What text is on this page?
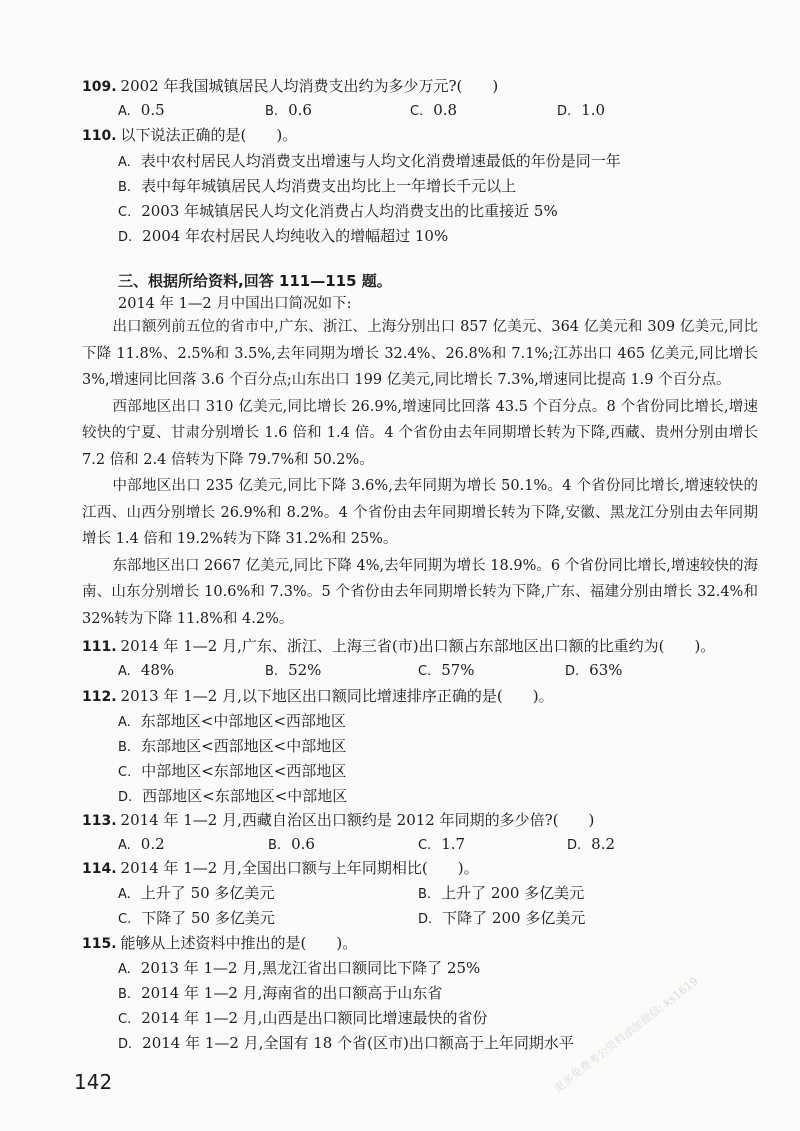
109. 2002 年我国城镇居民人均消费支出约为多少万元?(　　)
A. 0.5	B. 0.6	C. 0.8	D. 1.0
110. 以下说法正确的是(　　)。
A. 表中农村居民人均消费支出增速与人均文化消费增速最低的年份是同一年
B. 表中每年城镇居民人均消费支出均比上一年增长千元以上
C. 2003 年城镇居民人均文化消费占人均消费支出的比重接近 5%
D. 2004 年农村居民人均纯收入的增幅超过 10%
三、根据所给资料,回答 111—115 题。
2014 年 1—2 月中国出口简况如下:

出口额列前五位的省市中,广东、浙江、上海分别出口 857 亿美元、364 亿美元和 309 亿美元,同比下降 11.8%、2.5%和 3.5%,去年同期为增长 32.4%、26.8%和 7.1%;江苏出口 465 亿美元,同比增长 3%,增速同比回落 3.6 个百分点;山东出口 199 亿美元,同比增长 7.3%,增速同比提高 1.9 个百分点。

西部地区出口 310 亿美元,同比增长 26.9%,增速同比回落 43.5 个百分点。8 个省份同比增长,增速较快的宁夏、甘肃分别增长 1.6 倍和 1.4 倍。4 个省份由去年同期增长转为下降,西藏、贵州分别由增长 7.2 倍和 2.4 倍转为下降 79.7%和 50.2%。

中部地区出口 235 亿美元,同比下降 3.6%,去年同期为增长 50.1%。4 个省份同比增长,增速较快的江西、山西分别增长 26.9%和 8.2%。4 个省份由去年同期增长转为下降,安徽、黑龙江分别由去年同期增长 1.4 倍和 19.2%转为下降 31.2%和 25%。

东部地区出口 2667 亿美元,同比下降 4%,去年同期为增长 18.9%。6 个省份同比增长,增速较快的海南、山东分别增长 10.6%和 7.3%。5 个省份由去年同期增长转为下降,广东、福建分别由增长 32.4%和 32%转为下降 11.8%和 4.2%。

111. 2014 年 1—2 月,广东、浙江、上海三省(市)出口额占东部地区出口额的比重约为(　　)。
A. 48%	B. 52%	C. 57%	D. 63%
112. 2013 年 1—2 月,以下地区出口额同比增速排序正确的是(　　)。
A. 东部地区<中部地区<西部地区
B. 东部地区<西部地区<中部地区
C. 中部地区<东部地区<西部地区
D. 西部地区<东部地区<中部地区
113. 2014 年 1—2 月,西藏自治区出口额约是 2012 年同期的多少倍?(　　)
A. 0.2	B. 0.6	C. 1.7	D. 8.2
114. 2014 年 1—2 月,全国出口额与上年同期相比(　　)。
A. 上升了 50 多亿美元	B. 上升了 200 多亿美元
C. 下降了 50 多亿美元	D. 下降了 200 多亿美元
115. 能够从上述资料中推出的是(　　)。
A. 2013 年 1—2 月,黑龙江省出口额同比下降了 25%
B. 2014 年 1—2 月,海南省的出口额高于山东省
C. 2014 年 1—2 月,山西是出口额同比增速最快的省份
D. 2014 年 1—2 月,全国有 18 个省(区市)出口额高于上年同期水平
142	更多免费考公资料添加微信: ks1619
